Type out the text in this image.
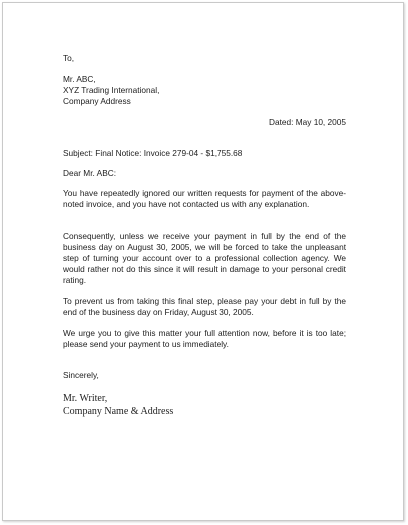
To,

Mr. ABC,

XYZ Trading International,

Company Address

Dated: May 10, 2005

Subject: Final Notice: Invoice 279-04 - $1,755.68

Dear Mr. ABC:

You have repeatedly ignored our written requests for payment of the above-noted invoice, and you have not contacted us with any explanation.

Consequently, unless we receive your payment in full by the end of the business day on August 30, 2005, we will be forced to take the unpleasant step of turning your account over to a professional collection agency. We would rather not do this since it will result in damage to your personal credit rating.

To prevent us from taking this final step, please pay your debt in full by the end of the business day on Friday, August 30, 2005.

We urge you to give this matter your full attention now, before it is too late; please send your payment to us immediately.

Sincerely,

Mr. Writer,

Company Name & Address
